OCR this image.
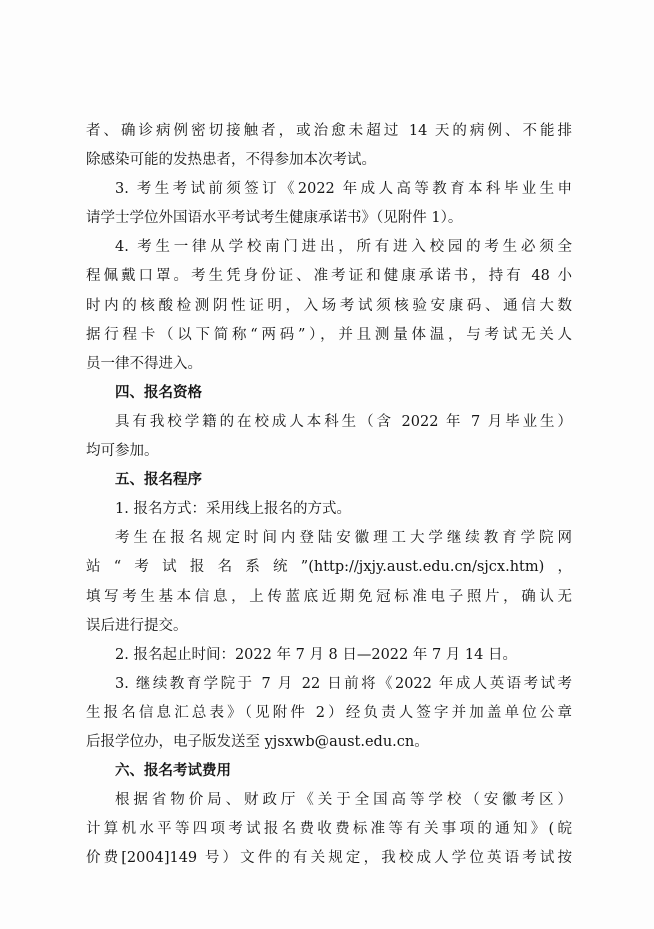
者、确诊病例密切接触者，或治愈未超过 14 天的病例、不能排
除感染可能的发热患者，不得参加本次考试。
3. 考生考试前须签订《2022 年成人高等教育本科毕业生申
请学士学位外国语水平考试考生健康承诺书》（见附件 1）。
4. 考生一律从学校南门进出，所有进入校园的考生必须全
程佩戴口罩。考生凭身份证、准考证和健康承诺书，持有 48 小
时内的核酸检测阴性证明，入场考试须核验安康码、通信大数
据行程卡（以下简称“两码”），并且测量体温，与考试无关人
员一律不得进入。
四、报名资格
具有我校学籍的在校成人本科生（含 2022 年 7 月毕业生）
均可参加。
五、报名程序
1. 报名方式：采用线上报名的方式。
考生在报名规定时间内登陆安徽理工大学继续教育学院网
站“考试报名系统”(http://jxjy.aust.edu.cn/sjcx.htm)，
填写考生基本信息，上传蓝底近期免冠标准电子照片，确认无
误后进行提交。
2. 报名起止时间：2022 年 7 月 8 日—2022 年 7 月 14 日。
3. 继续教育学院于 7 月 22 日前将《2022 年成人英语考试考
生报名信息汇总表》（见附件 2）经负责人签字并加盖单位公章
后报学位办，电子版发送至 yjsxwb@aust.edu.cn。
六、报名考试费用
根据省物价局、财政厅《关于全国高等学校（安徽考区）
计算机水平等四项考试报名费收费标准等有关事项的通知》(皖
价费[2004]149 号）文件的有关规定，我校成人学位英语考试按
